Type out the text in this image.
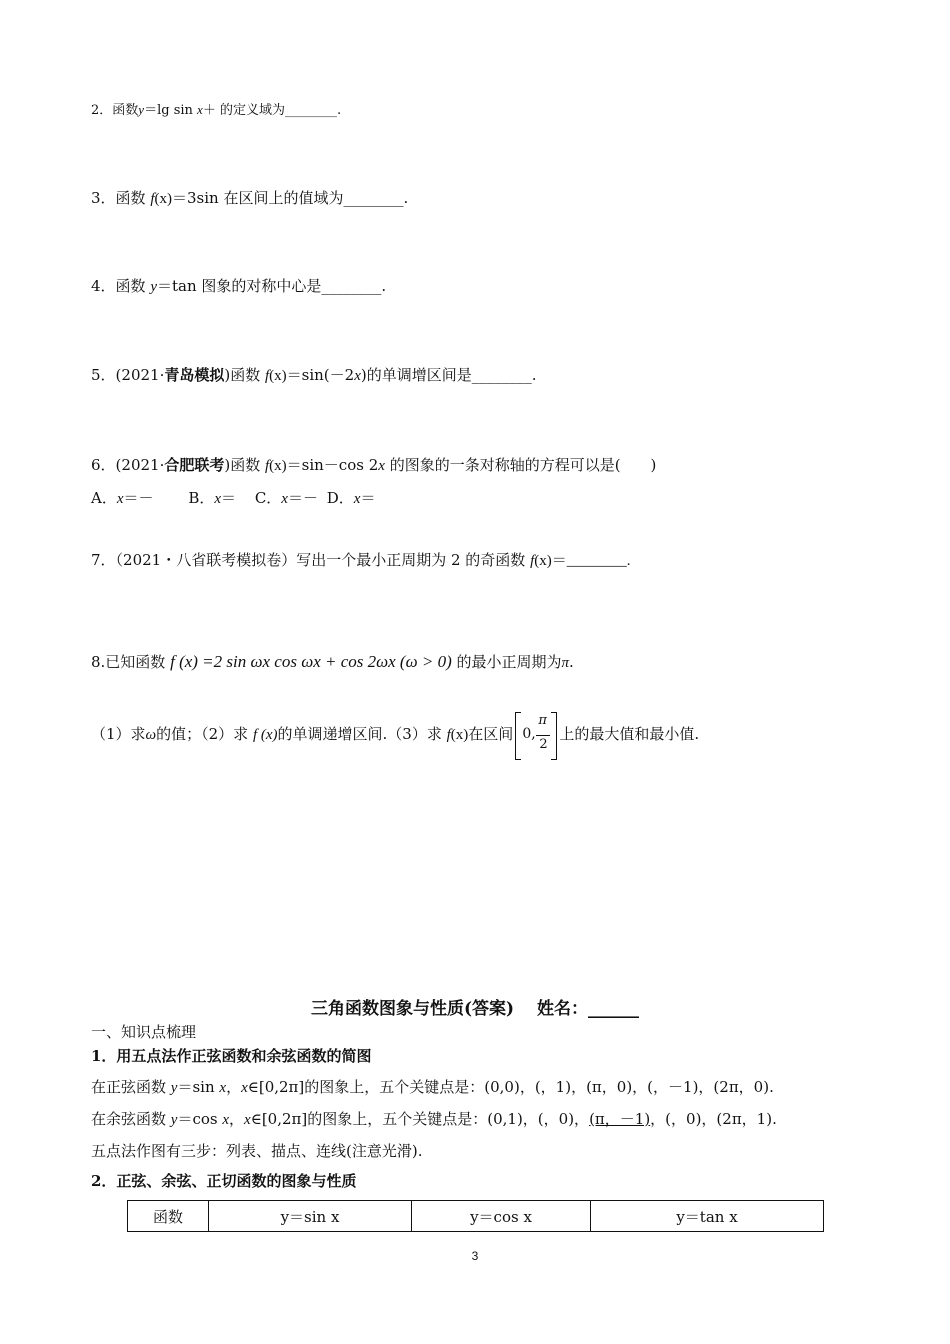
2．函数y＝lg sin x＋ 的定义域为________.
3．函数 f(x)＝3sin 在区间上的值域为________.
4．函数 y＝tan 图象的对称中心是________.
5．(2021·青岛模拟)函数 f(x)＝sin(－2x)的单调增区间是________.
6．(2021·合肥联考)函数 f(x)＝sin－cos 2x 的图象的一条对称轴的方程可以是(　　)
A．x＝－ B．x＝ C．x＝－ D．x＝
7．（2021・八省联考模拟卷）写出一个最小正周期为 2 的奇函数 f(x)＝________.
8.已知函数 f (x) =2 sin ωx cos ωx + cos 2ωx (ω > 0) 的最小正周期为π.
（1）求ω的值；（2）求 f (x)的单调递增区间.（3）求 f(x)在区间 0,
π
2
上的最大值和最小值.
三角函数图象与性质(答案)　 姓名：______
一、知识点梳理
1．用五点法作正弦函数和余弦函数的简图
在正弦函数 y＝sin x，x∈[0,2π]的图象上，五个关键点是：(0,0)，(，1)，(π，0)，(，－1)，(2π，0).
在余弦函数 y＝cos x，x∈[0,2π]的图象上，五个关键点是：(0,1)，(，0)，(π，－1)，(，0)，(2π，1).
五点法作图有三步：列表、描点、连线(注意光滑).
2．正弦、余弦、正切函数的图象与性质
函数	y＝sin x	y＝cos x	y＝tan x
3
